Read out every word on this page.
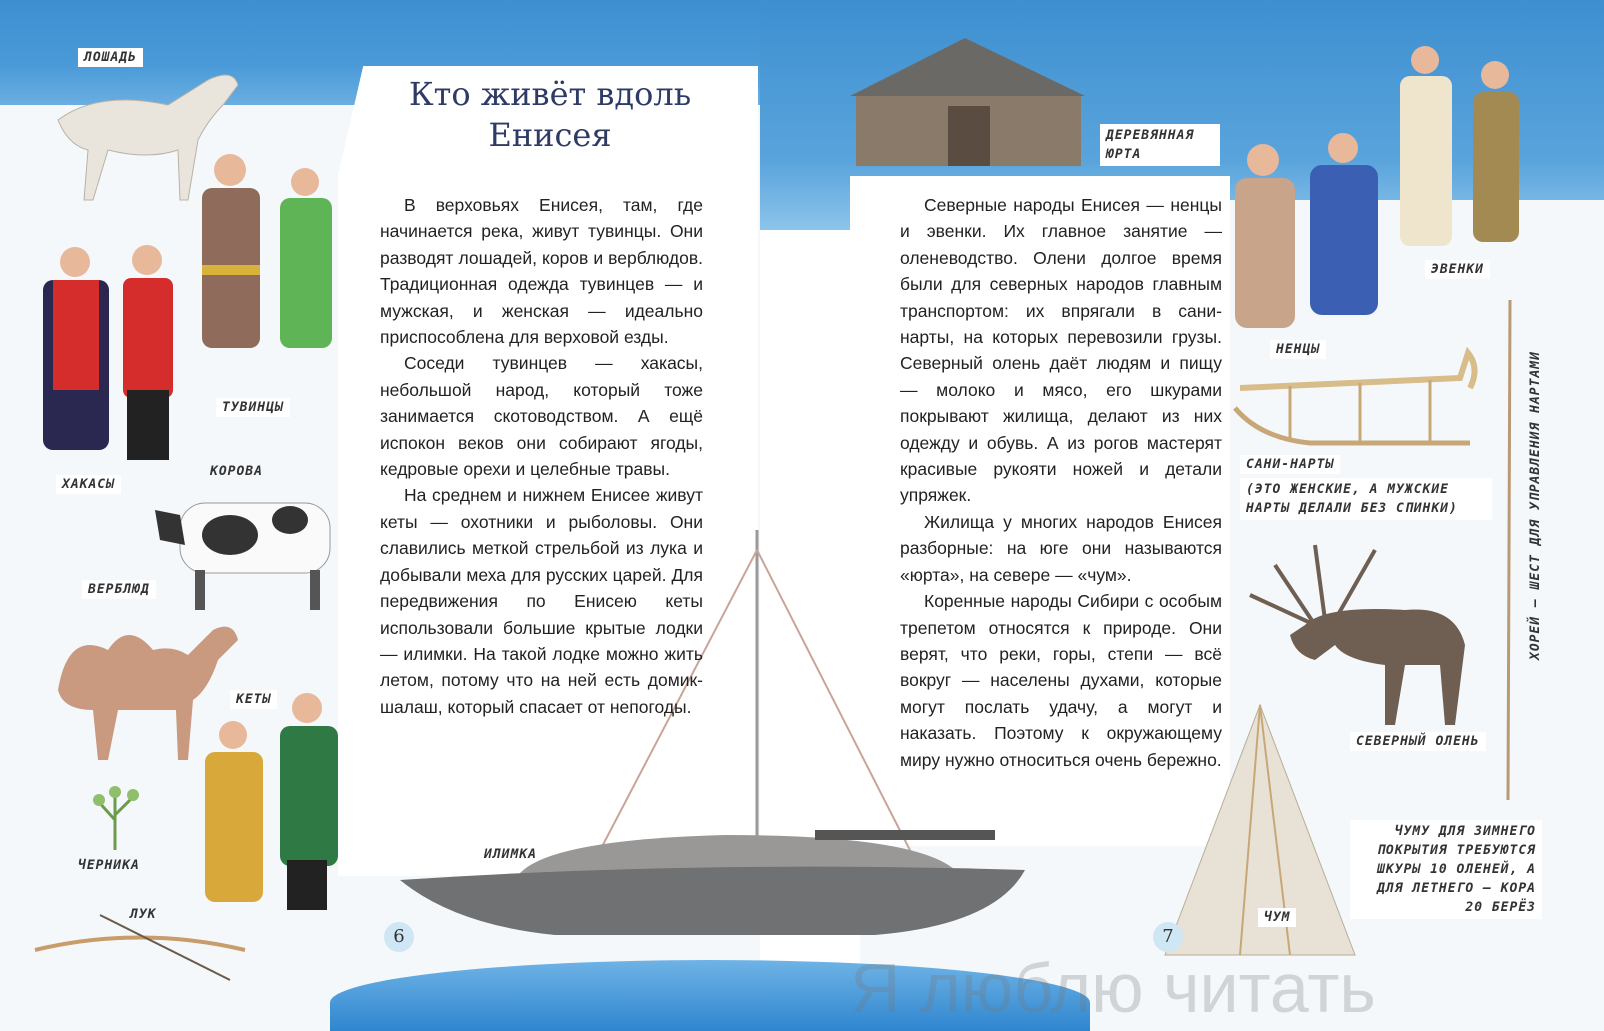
Кто живёт вдоль Енисея

В верховьях Енисея, там, где начинается река, живут тувинцы. Они разводят лошадей, коров и верблюдов. Традиционная одежда тувинцев — и мужская, и женская — идеально приспособлена для верховой езды.

Соседи тувинцев — хакасы, небольшой народ, который тоже занимается скотоводством. А ещё испокон веков они собирают ягоды, кедровые орехи и целебные травы.

На среднем и нижнем Енисее живут кеты — охотники и рыболовы. Они славились меткой стрельбой из лука и добывали меха для русских царей. Для передвижения по Енисею кеты использовали большие крытые лодки — илимки. На такой лодке можно жить летом, потому что на ней есть домик-шалаш, который спасает от непогоды.

Северные народы Енисея — ненцы и эвенки. Их главное занятие — оленеводство. Олени долгое время были для северных народов главным транспортом: их впрягали в сани-нарты, на которых перевозили грузы. Северный олень даёт людям и пищу — молоко и мясо, его шкурами покрывают жилища, делают из них одежду и обувь. А из рогов мастерят красивые рукояти ножей и детали упряжек.

Жилища у многих народов Енисея разборные: на юге они называются «юрта», на севере — «чум».

Коренные народы Сибири с особым трепетом относятся к природе. Они верят, что реки, горы, степи — всё вокруг — населены духами, которые могут послать удачу, а могут и наказать. Поэтому к окружающему миру нужно относиться очень бережно.

ЛОШАДЬ
ТУВИНЦЫ
ХАКАСЫ
КОРОВА
ВЕРБЛЮД
КЕТЫ
ЧЕРНИКА
ЛУК
ИЛИМКА
ДЕРЕВЯННАЯ ЮРТА
ЭВЕНКИ
НЕНЦЫ
САНИ-НАРТЫ
(ЭТО ЖЕНСКИЕ, А МУЖСКИЕ НАРТЫ ДЕЛАЛИ БЕЗ СПИНКИ)	ХОРЕЙ — ШЕСТ ДЛЯ УПРАВЛЕНИЯ НАРТАМИ
СЕВЕРНЫЙ ОЛЕНЬ
ЧУМУ ДЛЯ ЗИМНЕГО ПОКРЫТИЯ ТРЕБУЮТСЯ ШКУРЫ 10 ОЛЕНЕЙ, А ДЛЯ ЛЕТНЕГО — КОРА 20 БЕРЁЗ
ЧУМ
6	7
Я люблю читать
